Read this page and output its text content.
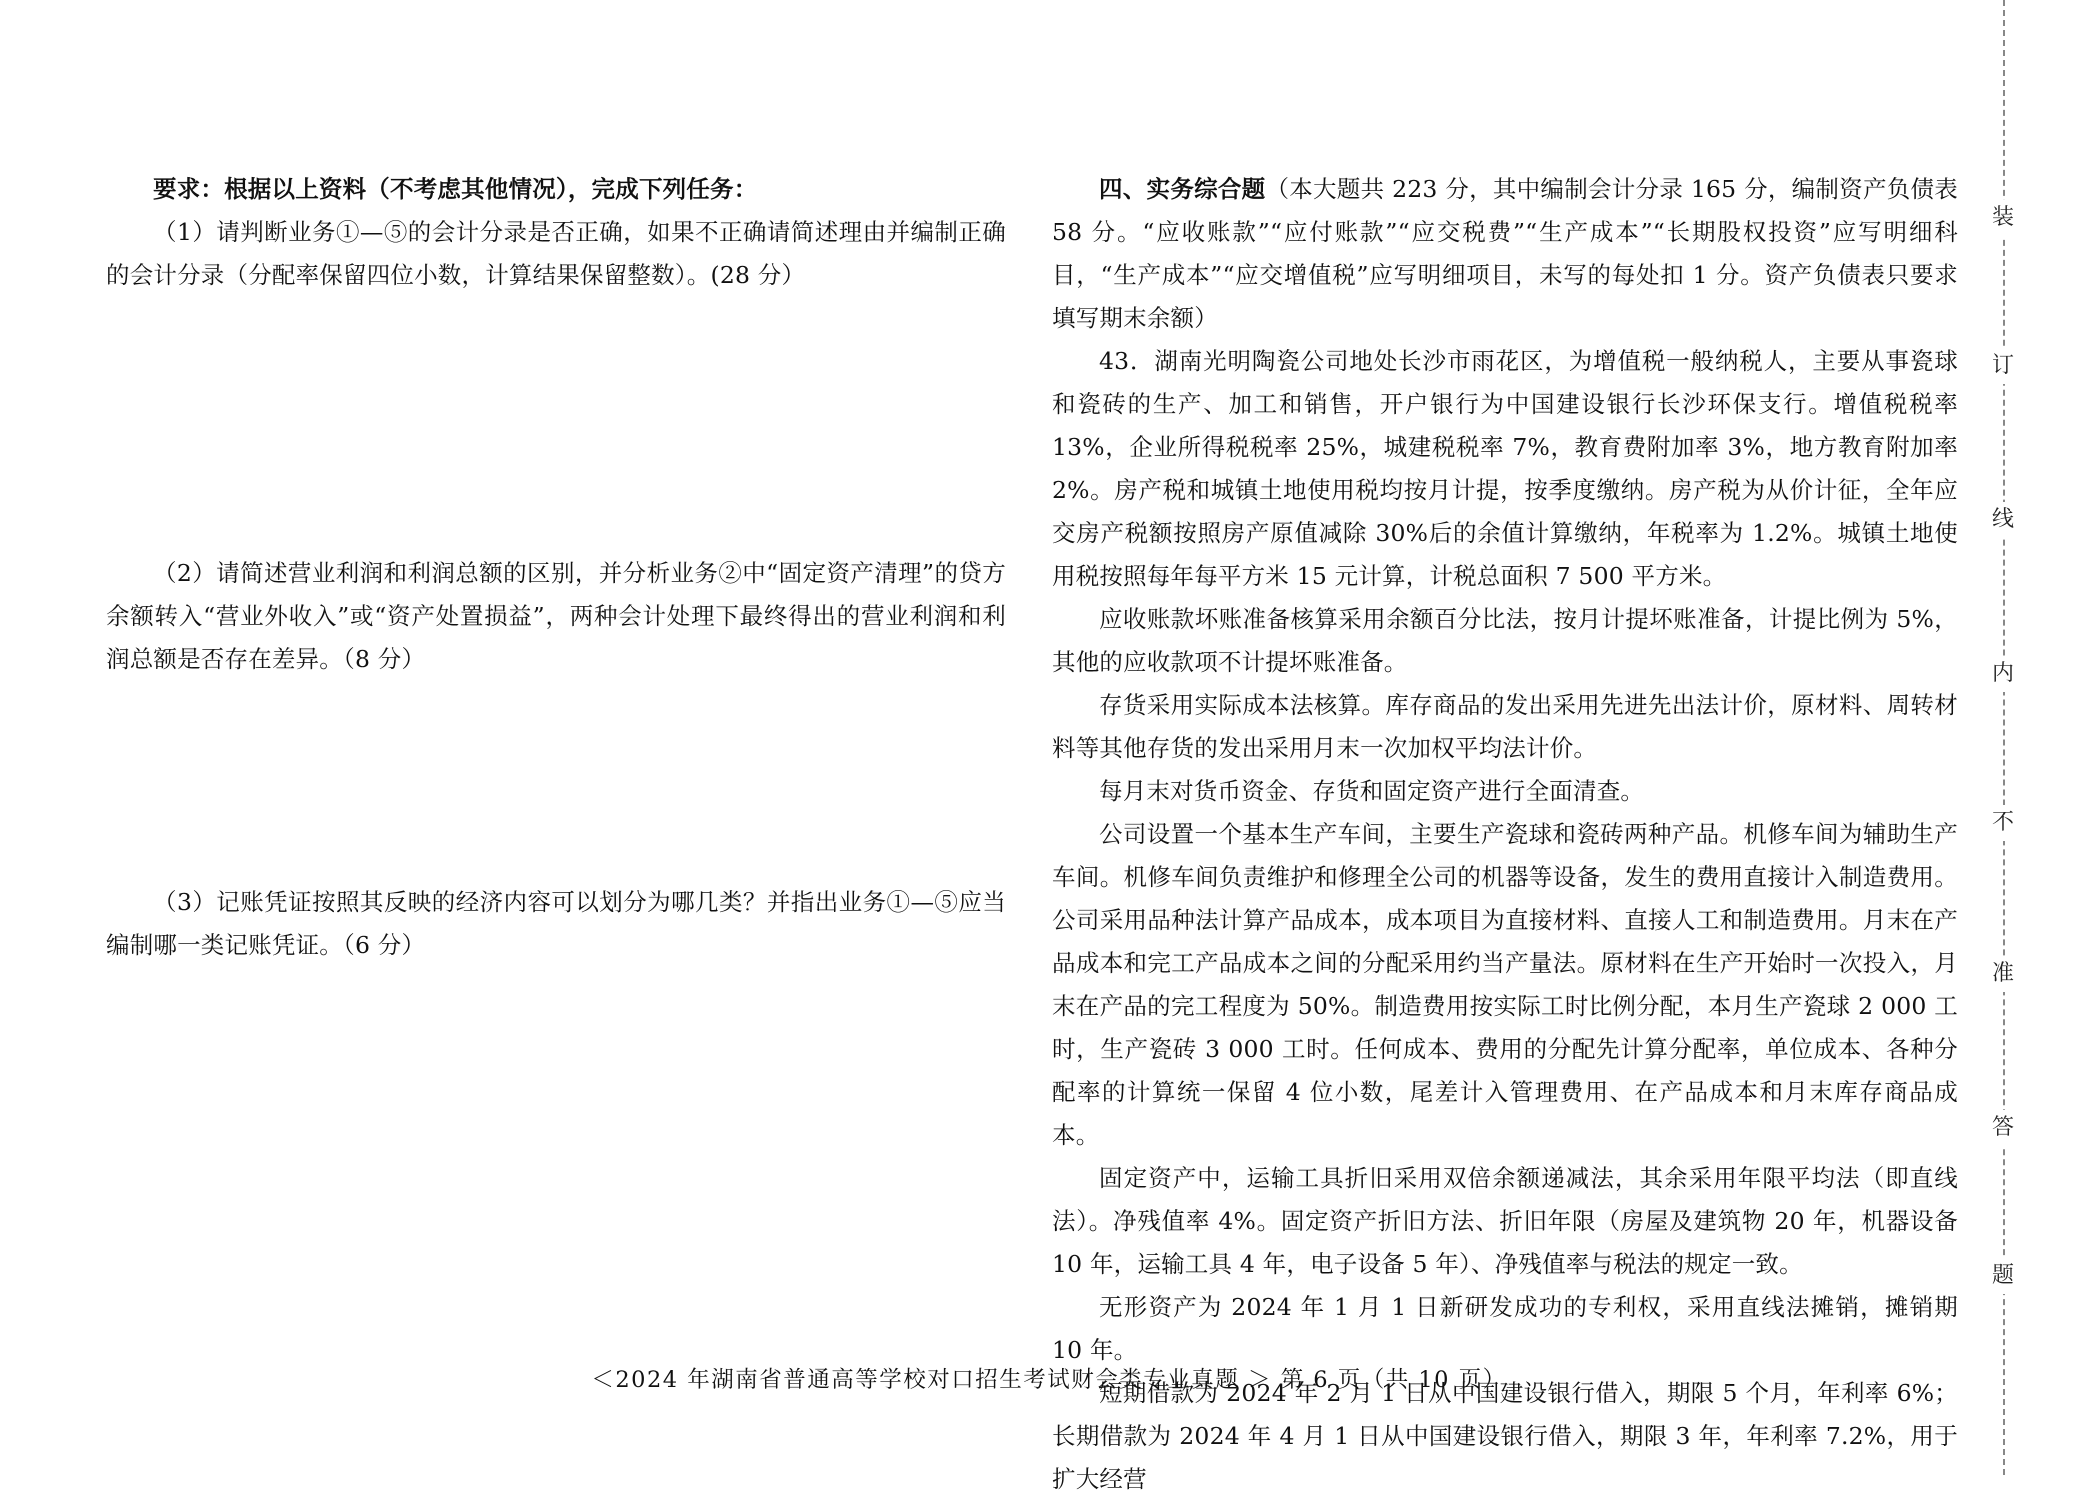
要求：根据以上资料（不考虑其他情况），完成下列任务：

（1）请判断业务①—⑤的会计分录是否正确，如果不正确请简述理由并编制正确的会计分录（分配率保留四位小数，计算结果保留整数）。(28 分）

（2）请简述营业利润和利润总额的区别，并分析业务②中“固定资产清理”的贷方余额转入“营业外收入”或“资产处置损益”，两种会计处理下最终得出的营业利润和利润总额是否存在差异。（8 分）

（3）记账凭证按照其反映的经济内容可以划分为哪几类？并指出业务①—⑤应当编制哪一类记账凭证。（6 分）

四、实务综合题（本大题共 223 分，其中编制会计分录 165 分，编制资产负债表 58 分。“应收账款”“应付账款”“应交税费”“生产成本”“长期股权投资”应写明细科目，“生产成本”“应交增值税”应写明细项目，未写的每处扣 1 分。资产负债表只要求填写期末余额）

43．湖南光明陶瓷公司地处长沙市雨花区，为增值税一般纳税人，主要从事瓷球和瓷砖的生产、加工和销售，开户银行为中国建设银行长沙环保支行。增值税税率 13%，企业所得税税率 25%，城建税税率 7%，教育费附加率 3%，地方教育附加率 2%。房产税和城镇土地使用税均按月计提，按季度缴纳。房产税为从价计征，全年应交房产税额按照房产原值减除 30%后的余值计算缴纳，年税率为 1.2%。城镇土地使用税按照每年每平方米 15 元计算，计税总面积 7 500 平方米。

应收账款坏账准备核算采用余额百分比法，按月计提坏账准备，计提比例为 5%，其他的应收款项不计提坏账准备。

存货采用实际成本法核算。库存商品的发出采用先进先出法计价，原材料、周转材料等其他存货的发出采用月末一次加权平均法计价。

每月末对货币资金、存货和固定资产进行全面清查。

公司设置一个基本生产车间，主要生产瓷球和瓷砖两种产品。机修车间为辅助生产车间。机修车间负责维护和修理全公司的机器等设备，发生的费用直接计入制造费用。公司采用品种法计算产品成本，成本项目为直接材料、直接人工和制造费用。月末在产品成本和完工产品成本之间的分配采用约当产量法。原材料在生产开始时一次投入，月末在产品的完工程度为 50%。制造费用按实际工时比例分配，本月生产瓷球 2 000 工时，生产瓷砖 3 000 工时。任何成本、费用的分配先计算分配率，单位成本、各种分配率的计算统一保留 4 位小数，尾差计入管理费用、在产品成本和月末库存商品成本。

固定资产中，运输工具折旧采用双倍余额递减法，其余采用年限平均法（即直线法）。净残值率 4%。固定资产折旧方法、折旧年限（房屋及建筑物 20 年，机器设备 10 年，运输工具 4 年，电子设备 5 年）、净残值率与税法的规定一致。

无形资产为 2024 年 1 月 1 日新研发成功的专利权，采用直线法摊销，摊销期 10 年。

短期借款为 2024 年 2 月 1 日从中国建设银行借入，期限 5 个月，年利率 6%；长期借款为 2024 年 4 月 1 日从中国建设银行借入，期限 3 年，年利率 7.2%，用于扩大经营

＜2024 年湖南省普通高等学校对口招生考试财会类专业真题 ＞ 第 6 页（共 10 页）
装
订
线
内
不
准
答
题
